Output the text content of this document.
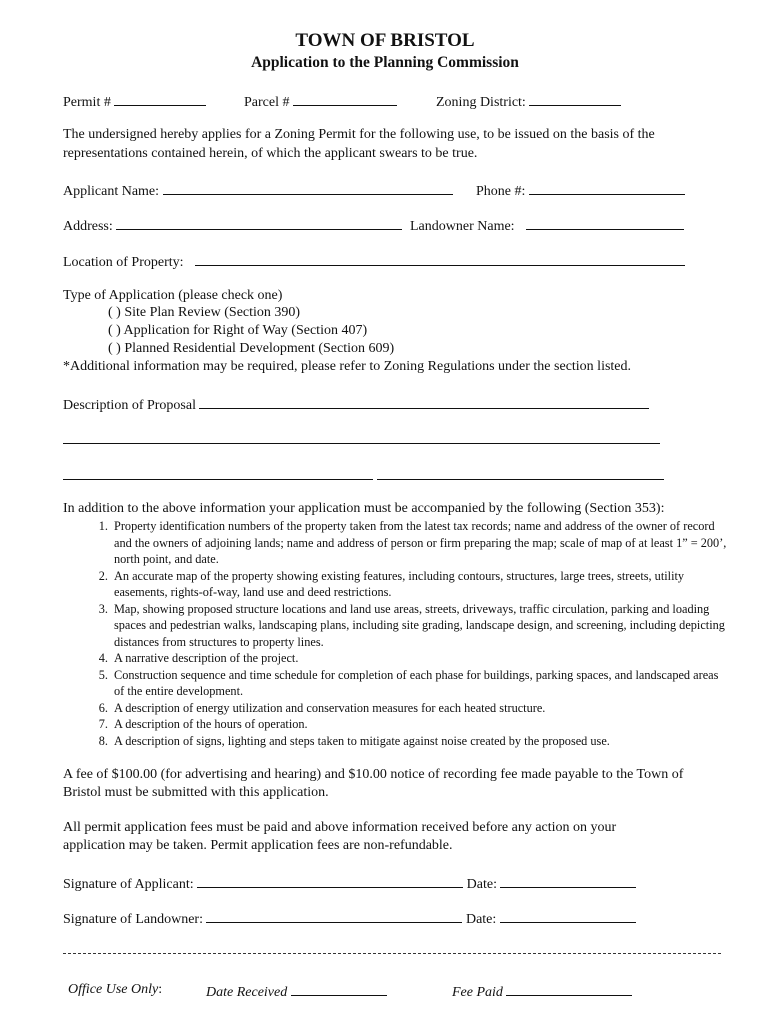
TOWN OF BRISTOL
Application to the Planning Commission
Permit #	Parcel #	Zoning District:
The undersigned hereby applies for a Zoning Permit for the following use, to be issued on the basis of the
representations contained herein, of which the applicant swears to be true.
Applicant Name:	Phone #:
Address:	Landowner Name:
Location of Property:
Type of Application (please check one)
( ) Site Plan Review (Section 390)
( ) Application for Right of Way (Section 407)
( ) Planned Residential Development (Section 609)
*Additional information may be required, please refer to Zoning Regulations under the section listed.
Description of Proposal
In addition to the above information your application must be accompanied by the following (Section 353):
1. Property identification numbers of the property taken from the latest tax records; name and address of the owner of record and the owners of adjoining lands; name and address of person or firm preparing the map; scale of map of at least 1” = 200’, north point, and date.
2. An accurate map of the property showing existing features, including contours, structures, large trees, streets, utility easements, rights-of-way, land use and deed restrictions.
3. Map, showing proposed structure locations and land use areas, streets, driveways, traffic circulation, parking and loading spaces and pedestrian walks, landscaping plans, including site grading, landscape design, and screening, including depicting distances from structures to property lines.
4. A narrative description of the project.
5. Construction sequence and time schedule for completion of each phase for buildings, parking spaces, and landscaped areas of the entire development.
6. A description of energy utilization and conservation measures for each heated structure.
7. A description of the hours of operation.
8. A description of signs, lighting and steps taken to mitigate against noise created by the proposed use.
A fee of $100.00 (for advertising and hearing) and $10.00 notice of recording fee made payable to the Town of
Bristol must be submitted with this application.
All permit application fees must be paid and above information received before any action on your
application may be taken. Permit application fees are non-refundable.
Signature of Applicant:	Date:
Signature of Landowner:	Date:
Office Use Only:	Date Received	Fee Paid
